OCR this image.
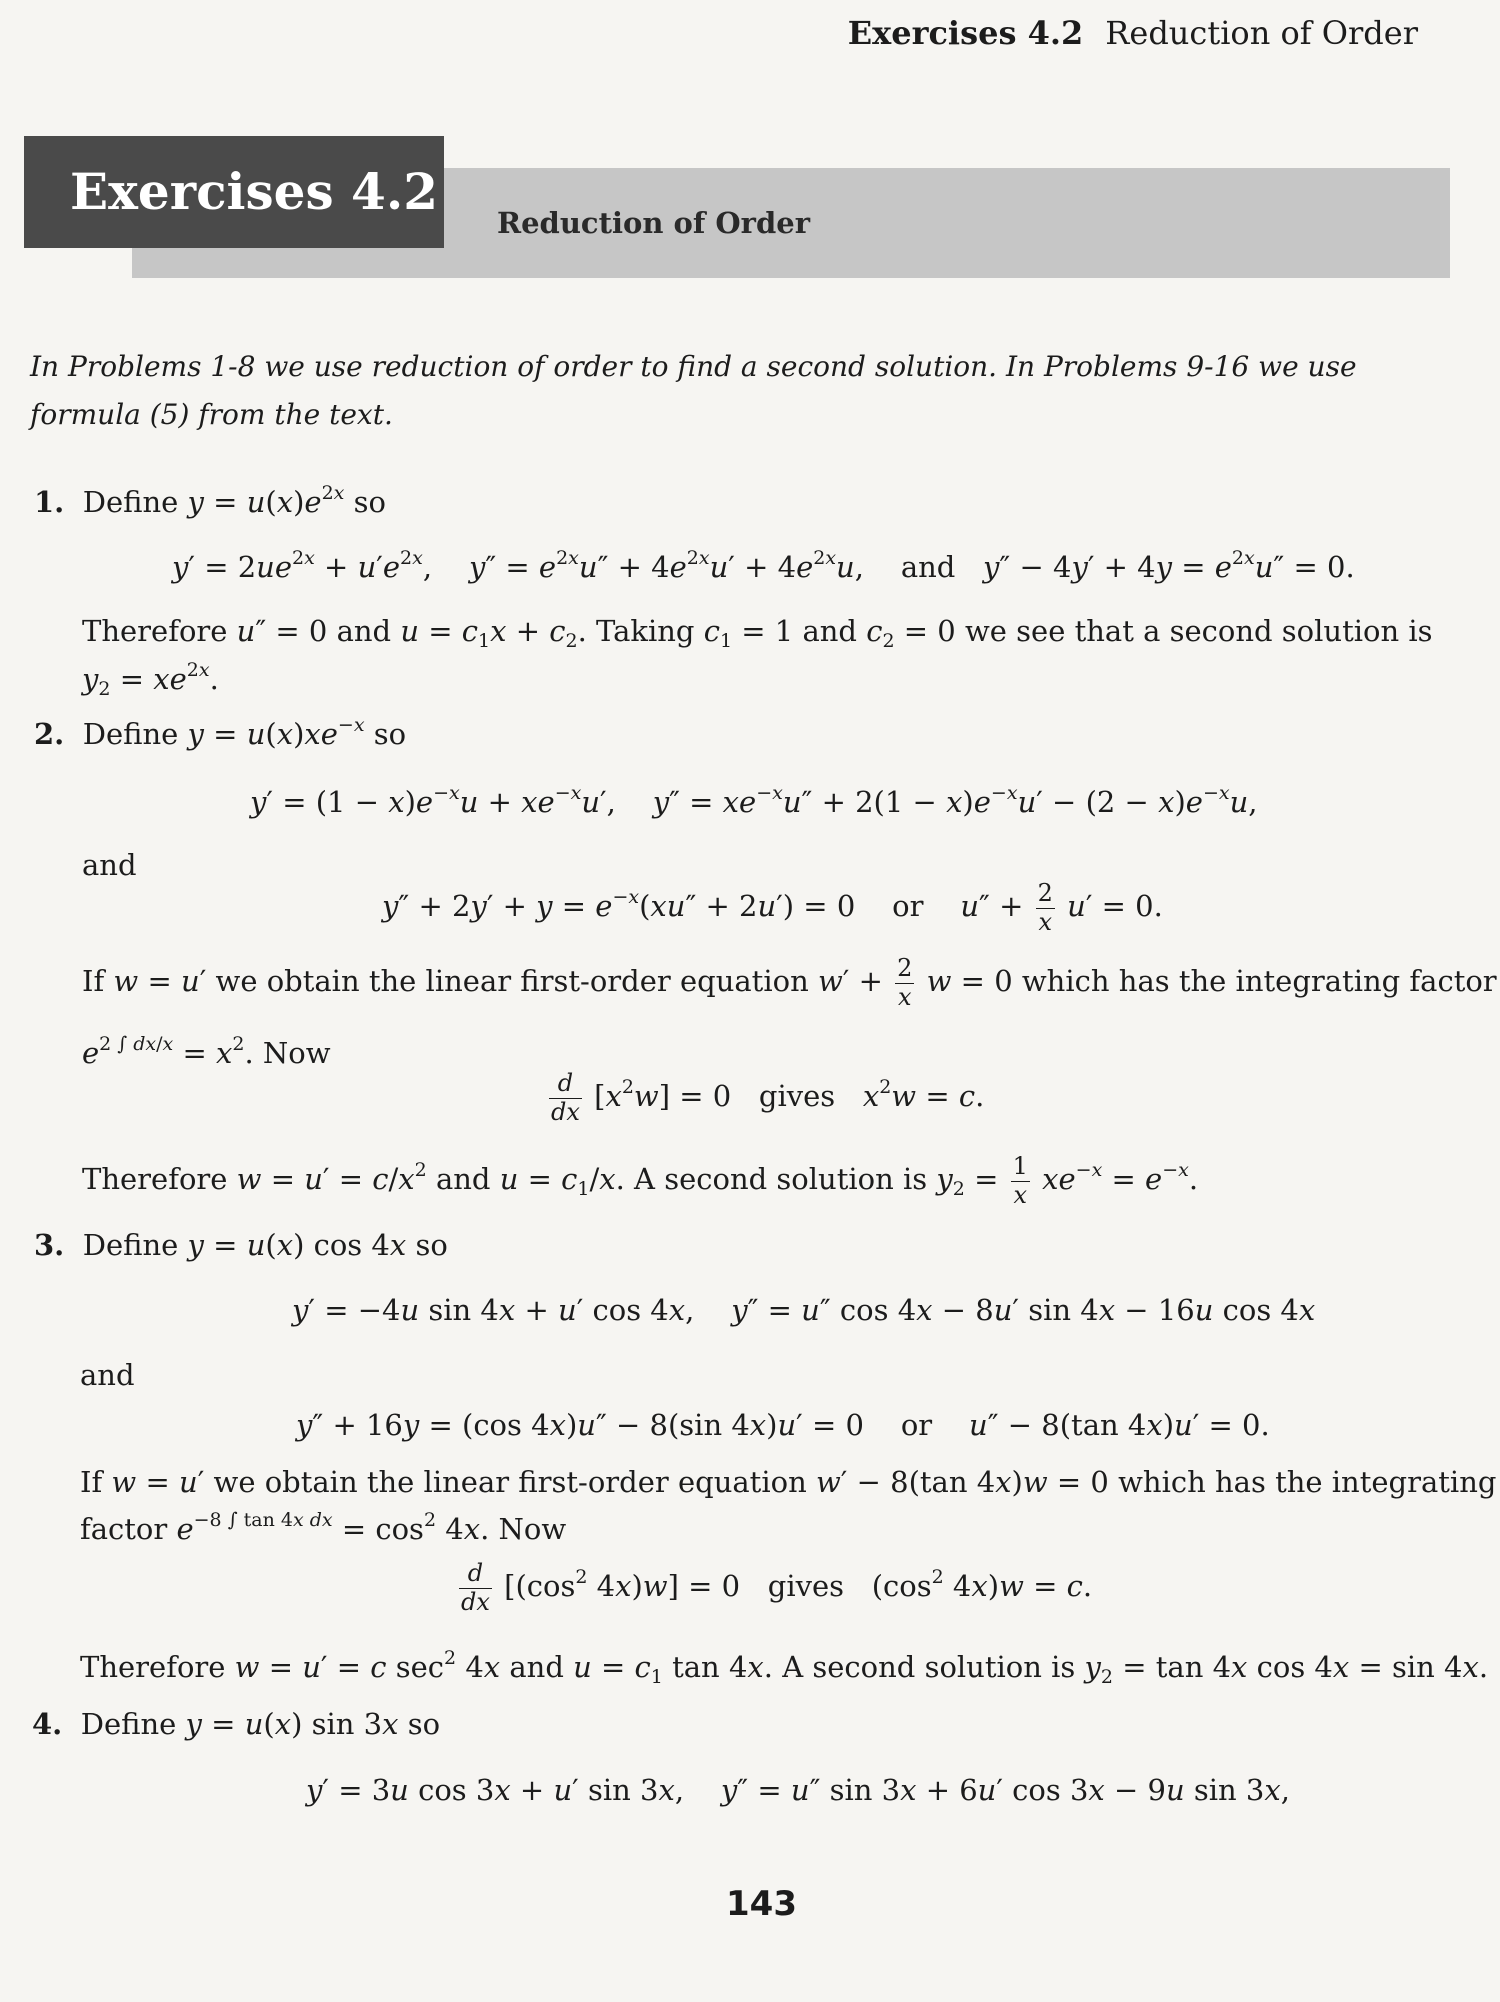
Exercises 4.2 Reduction of Order
Exercises 4.2
Reduction of Order
In Problems 1-8 we use reduction of order to find a second solution. In Problems 9-16 we use formula (5) from the text.
1. Define $y = u(x)e^{2x}$ so
$y' = 2ue^{2x} + u'e^{2x}$,    $y'' = e^{2x}u'' + 4e^{2x}u' + 4e^{2x}u$,    and $y'' - 4y' + 4y = e^{2x}u'' = 0$.
Therefore u″ = 0 and $u = c_1x + c_2$. Taking $c_1 = 1$ and $c_2 = 0$ we see that a second solution is
$y_2 = xe^{2x}$.
2. Define $y = u(x)xe^{-x}$ so
$y' = (1 - x)e^{-x}u + xe^{-x}u'$,    $y'' = xe^{-x}u'' + 2(1 - x)e^{-x}u' - (2 - x)e^{-x}u$,
and
$y'' + 2y' + y = e^{-x}(xu'' + 2u') = 0$    or $u'' + \frac{2}{x} u' = 0$.
If w = u′ we obtain the linear first-order equation $w' + \frac{2}{x}$ w = 0 which has the integrating factor
$e^{2 \int dx/x} = x^2$. Now
$\frac{d}{dx} [x^2w] = 0$   gives $x^2w = c$.
Therefore $w = u' = c/x^2$ and $u = c_1/x$. A second solution is $y_2 = \frac{1}{x} xe^{-x} = e^{-x}$.
3. Define y = u(x) cos 4x so
y′ = −4u sin 4x + u′ cos 4x,    y″ = u″ cos 4x − 8u′ sin 4x − 16u cos 4x
and
y″ + 16y = (cos 4x)u″ − 8(sin 4x)u′ = 0    or u″ − 8(tan 4x)u′ = 0.
If w = u′ we obtain the linear first-order equation w′ − 8(tan 4x)w = 0 which has the integrating
factor $e^{-8 \int tan 4x dx} = \cos^2 4x$. Now
$\frac{d}{dx} [(\cos^2$ 4x)w] = 0   gives   ($\cos^2$ 4x)w = c.
Therefore w = u′ = c $\sec^2 4x$ and $u = c_1$ tan 4x. A second solution is $y_2 = \tan 4x$ cos 4x = sin 4x.
4. Define y = u(x) sin 3x so
y′ = 3u cos 3x + u′ sin 3x,    y″ = u″ sin 3x + 6u′ cos 3x − 9u sin 3x,
143
